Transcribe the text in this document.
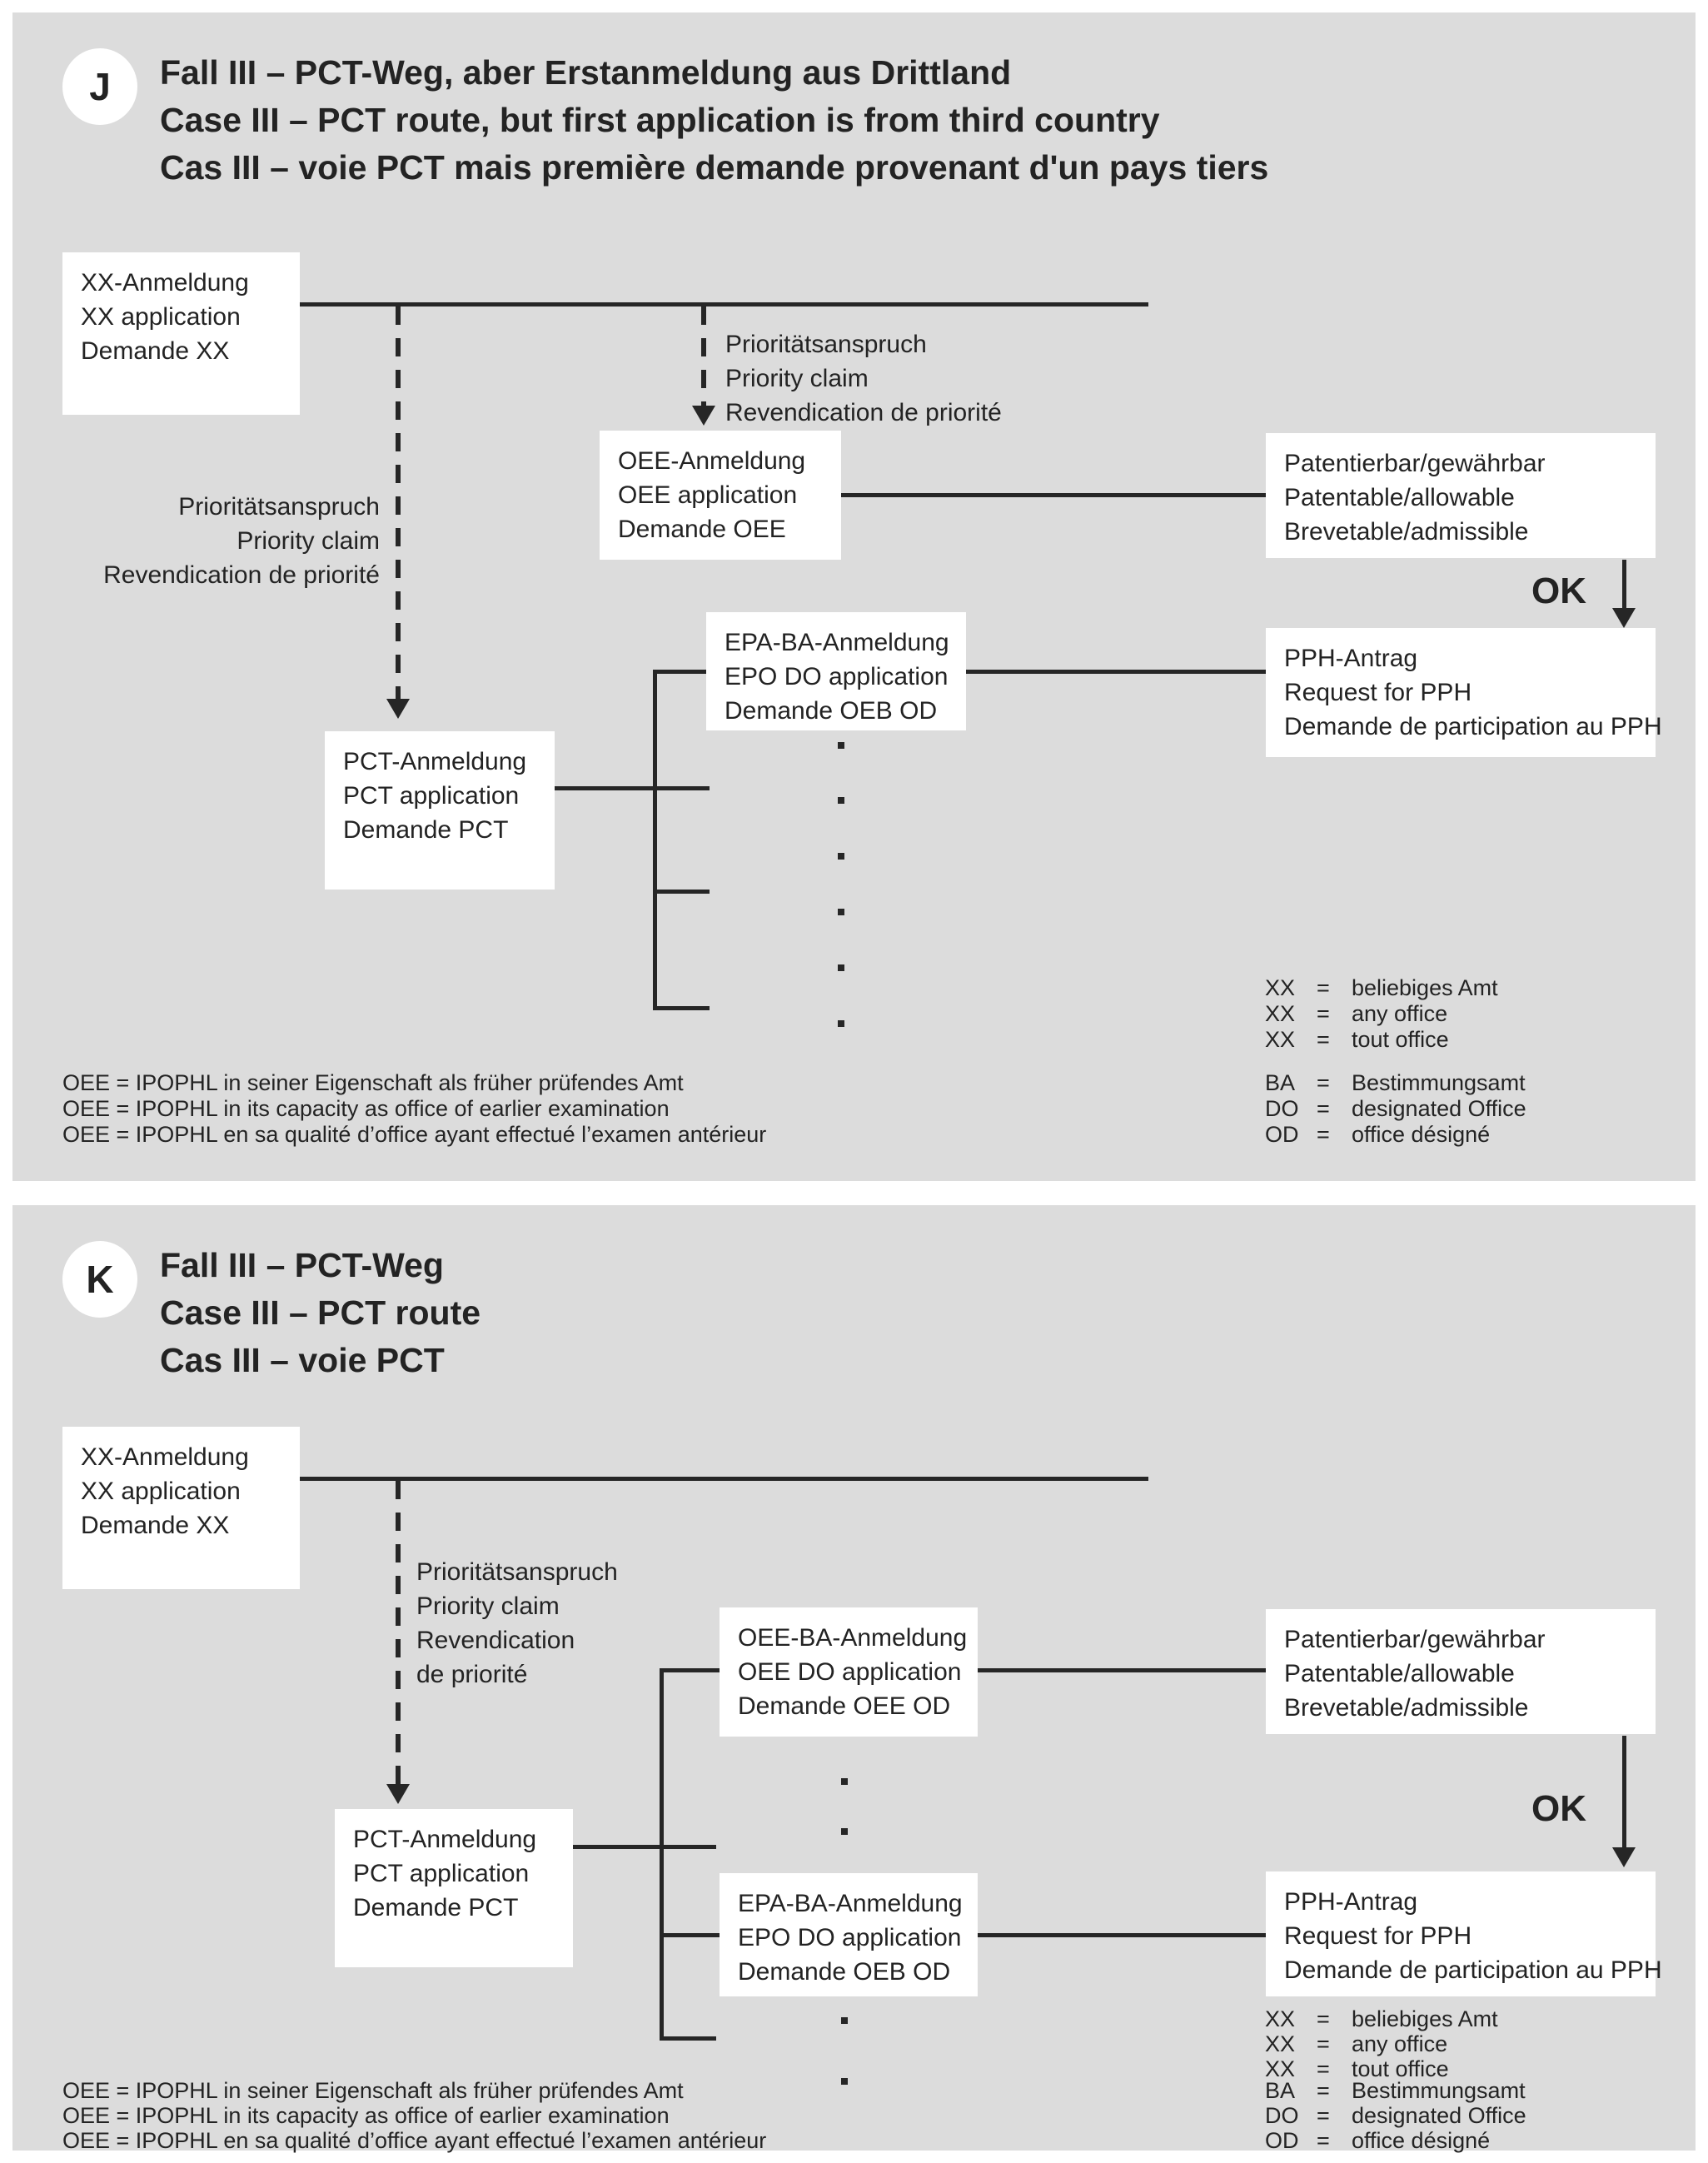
J Fall III – PCT-Weg, aber Erstanmeldung aus Drittland
Case III – PCT route, but first application is from third country
Cas III – voie PCT mais première demande provenant d'un pays tiers
XX-Anmeldung
XX application
Demande XX
Prioritätsanspruch
Priority claim
Revendication de priorité
Prioritätsanspruch
Priority claim
Revendication de priorité
OEE-Anmeldung
OEE application
Demande OEE
Patentierbar/gewährbar
Patentable/allowable
Brevetable/admissible
OK
PPH-Antrag
Request for PPH
Demande de participation au PPH
EPA-BA-Anmeldung
EPO DO application
Demande OEB OD
PCT-Anmeldung
PCT application
Demande PCT
XX = beliebiges Amt
XX = any office
XX = tout office
BA = Bestimmungsamt
DO = designated Office
OD = office désigné
OEE = IPOPHL in seiner Eigenschaft als früher prüfendes Amt
OEE = IPOPHL in its capacity as office of earlier examination
OEE = IPOPHL en sa qualité d’office ayant effectué l’examen antérieur
K Fall III – PCT-Weg
Case III – PCT route
Cas III – voie PCT
XX-Anmeldung
XX application
Demande XX
Prioritätsanspruch
Priority claim
Revendication
de priorité
PCT-Anmeldung
PCT application
Demande PCT
OEE-BA-Anmeldung
OEE DO application
Demande OEE OD
Patentierbar/gewährbar
Patentable/allowable
Brevetable/admissible
OK
PPH-Antrag
Request for PPH
Demande de participation au PPH
EPA-BA-Anmeldung
EPO DO application
Demande OEB OD
XX = beliebiges Amt
XX = any office
XX = tout office
BA = Bestimmungsamt
DO = designated Office
OD = office désigné
OEE = IPOPHL in seiner Eigenschaft als früher prüfendes Amt
OEE = IPOPHL in its capacity as office of earlier examination
OEE = IPOPHL en sa qualité d’office ayant effectué l’examen antérieur
